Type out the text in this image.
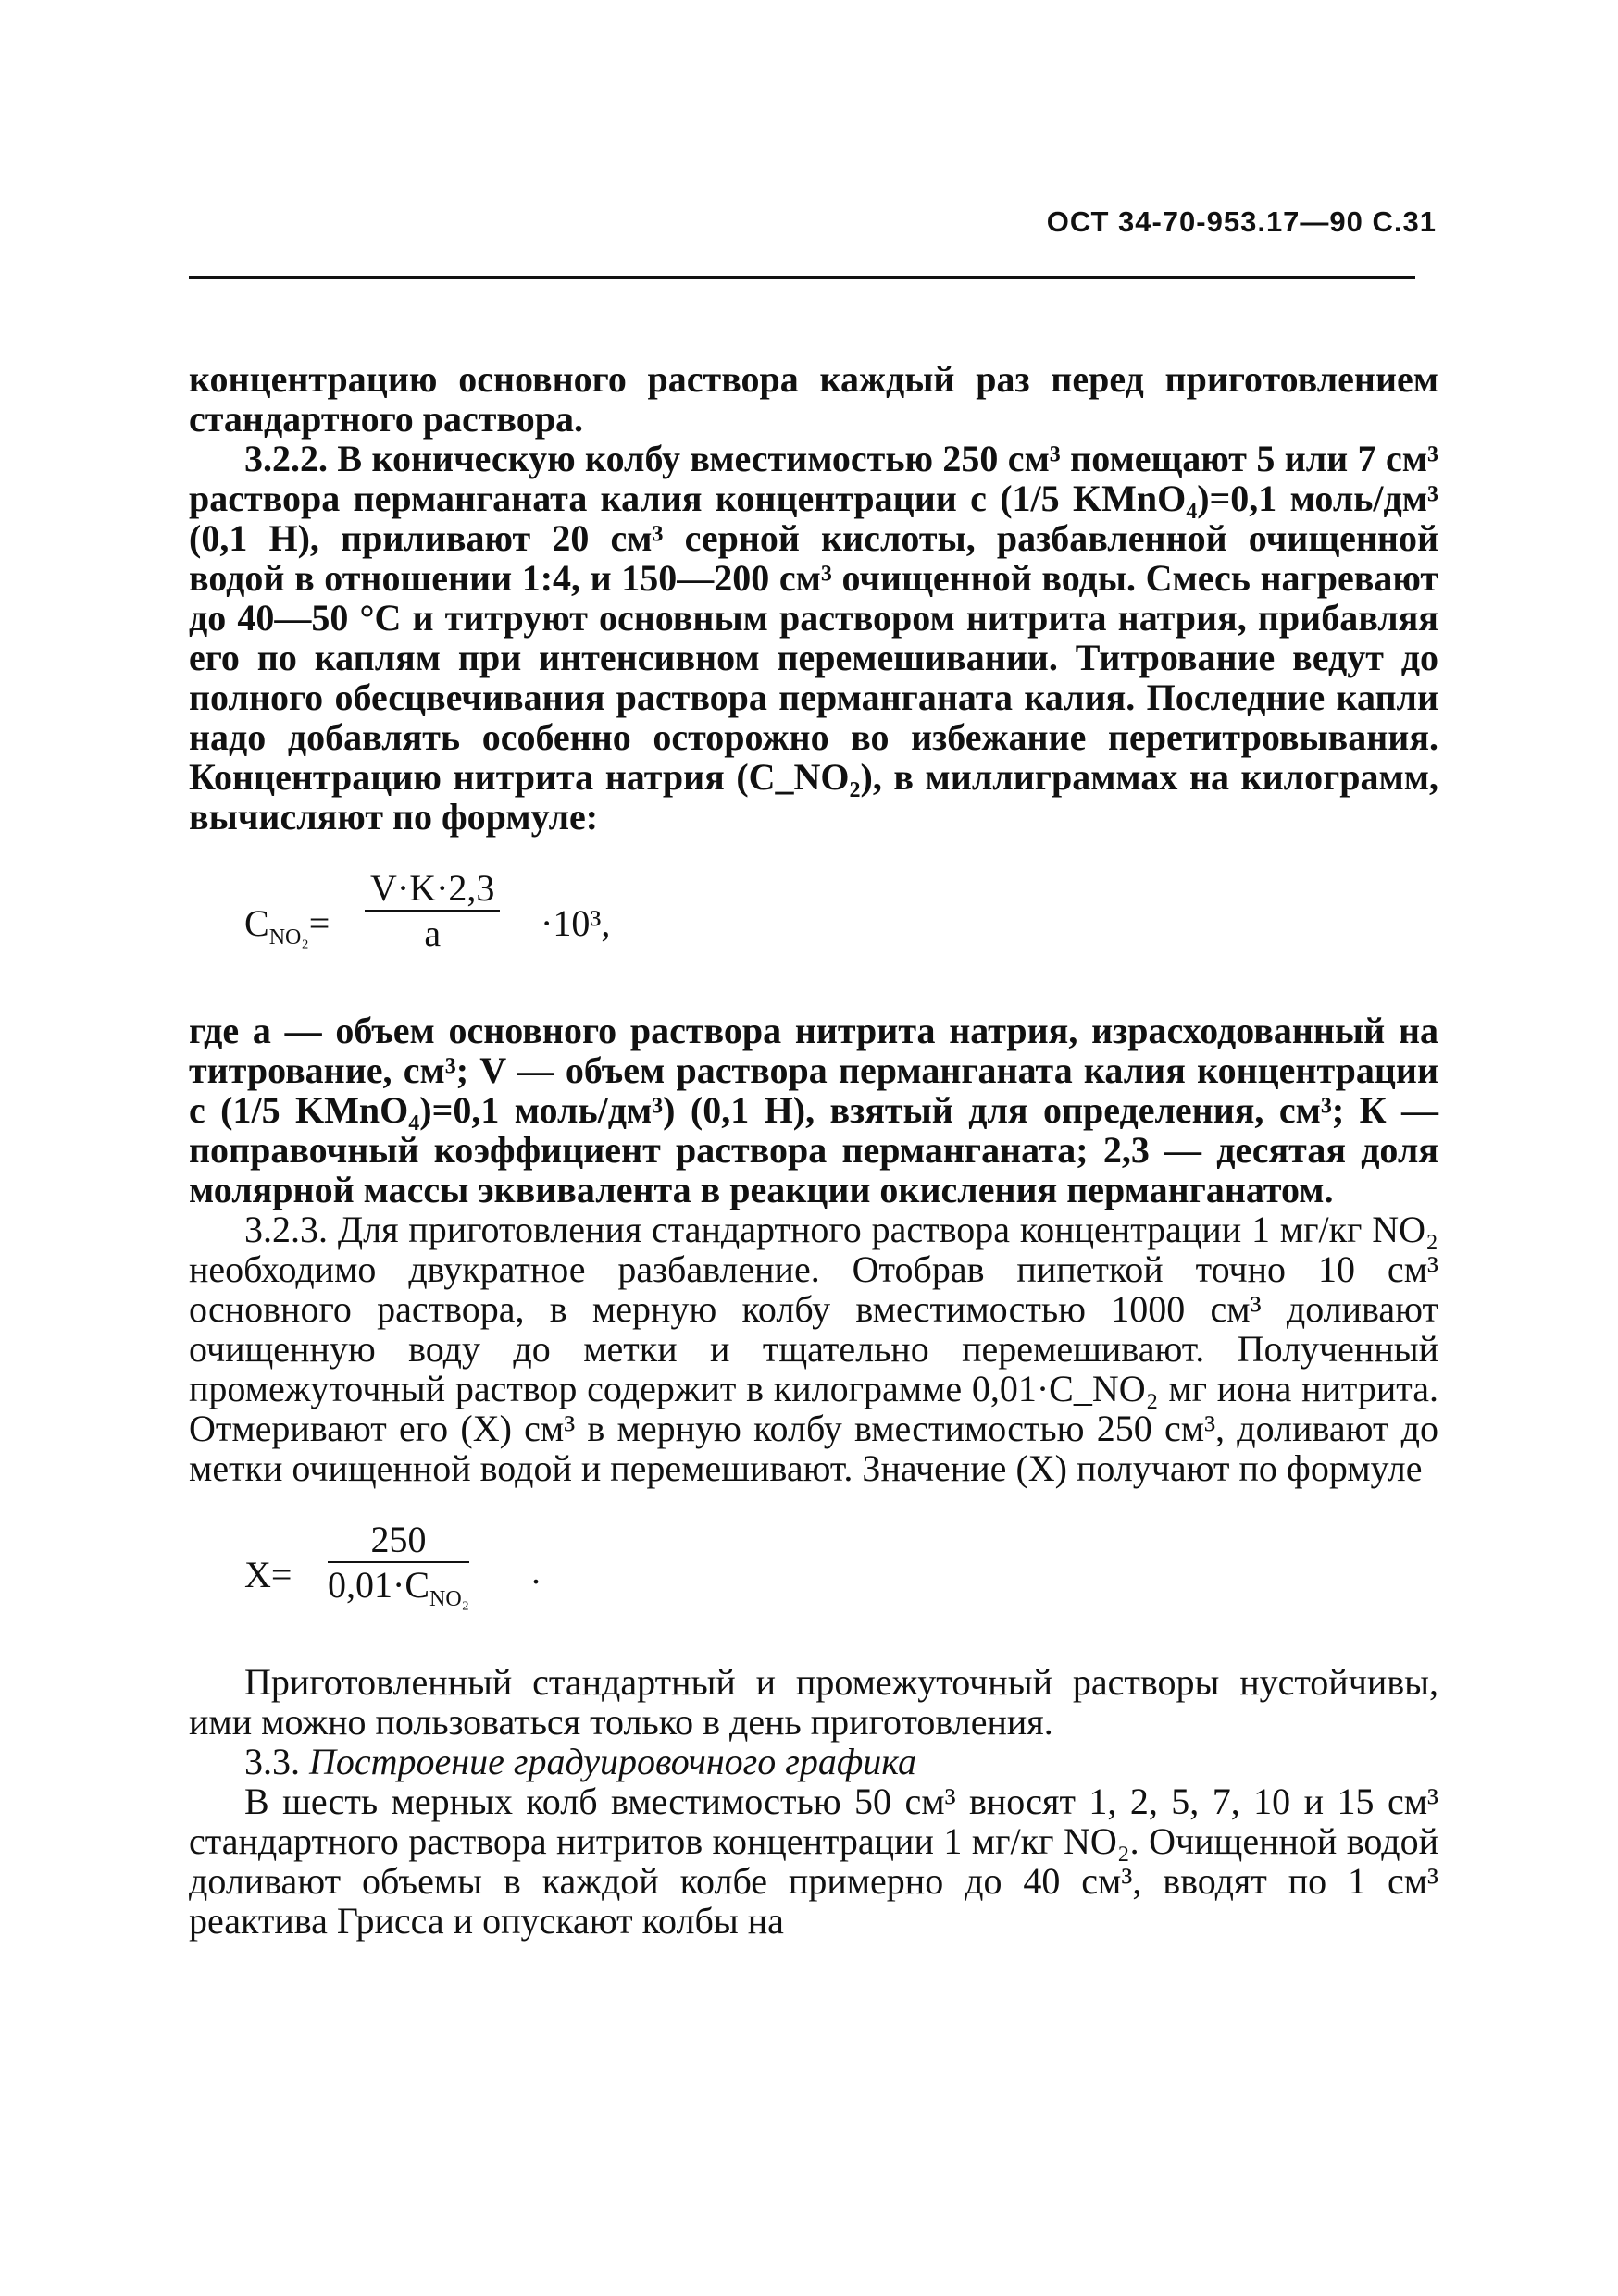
ОСТ 34-70-953.17—90 С.31

концентрацию основного раствора каждый раз перед приготовлением стандартного раствора.

3.2.2. В коническую колбу вместимостью 250 см³ помещают 5 или 7 см³ раствора перманганата калия концентрации с (1/5 KMnO₄)=0,1 моль/дм³ (0,1 Н), приливают 20 см³ серной кислоты, разбавленной очищенной водой в отношении 1:4, и 150—200 см³ очищенной воды. Смесь нагревают до 40—50 °С и титруют основным раствором нитрита натрия, прибавляя его по каплям при интенсивном перемешивании. Титрование ведут до полного обесцвечивания раствора перманганата калия. Последние капли надо добавлять особенно осторожно во избежание перетитровывания. Концентрацию нитрита натрия (C_NO₂), в миллиграммах на килограмм, вычисляют по формуле:

$C_{NO_2}= \frac{V\cdot K\cdot 2,3}{a} \cdot 10^3$,

где а — объем основного раствора нитрита натрия, израсходованный на титрование, см³; V — объем раствора перманганата калия концентрации с (1/5 KMnO₄)=0,1 моль/дм³) (0,1 Н), взятый для определения, см³; К — поправочный коэффициент раствора перманганата; 2,3 — десятая доля молярной массы эквивалента в реакции окисления перманганатом.

3.2.3. Для приготовления стандартного раствора концентрации 1 мг/кг NO₂ необходимо двукратное разбавление. Отобрав пипеткой точно 10 см³ основного раствора, в мерную колбу вместимостью 1000 см³ доливают очищенную воду до метки и тщательно перемешивают. Полученный промежуточный раствор содержит в килограмме 0,01·C_NO₂ мг иона нитрита. Отмеривают его (X) см³ в мерную колбу вместимостью 250 см³, доливают до метки очищенной водой и перемешивают. Значение (X) получают по формуле

X=
250
$0,01\cdot C_{NO_2}$
.

Приготовленный стандартный и промежуточный растворы нустойчивы, ими можно пользоваться только в день приготовления.

3.3. Построение градуировочного графика

В шесть мерных колб вместимостью 50 см³ вносят 1, 2, 5, 7, 10 и 15 см³ стандартного раствора нитритов концентрации 1 мг/кг NO₂. Очищенной водой доливают объемы в каждой колбе примерно до 40 см³, вводят по 1 см³ реактива Грисса и опускают колбы на
